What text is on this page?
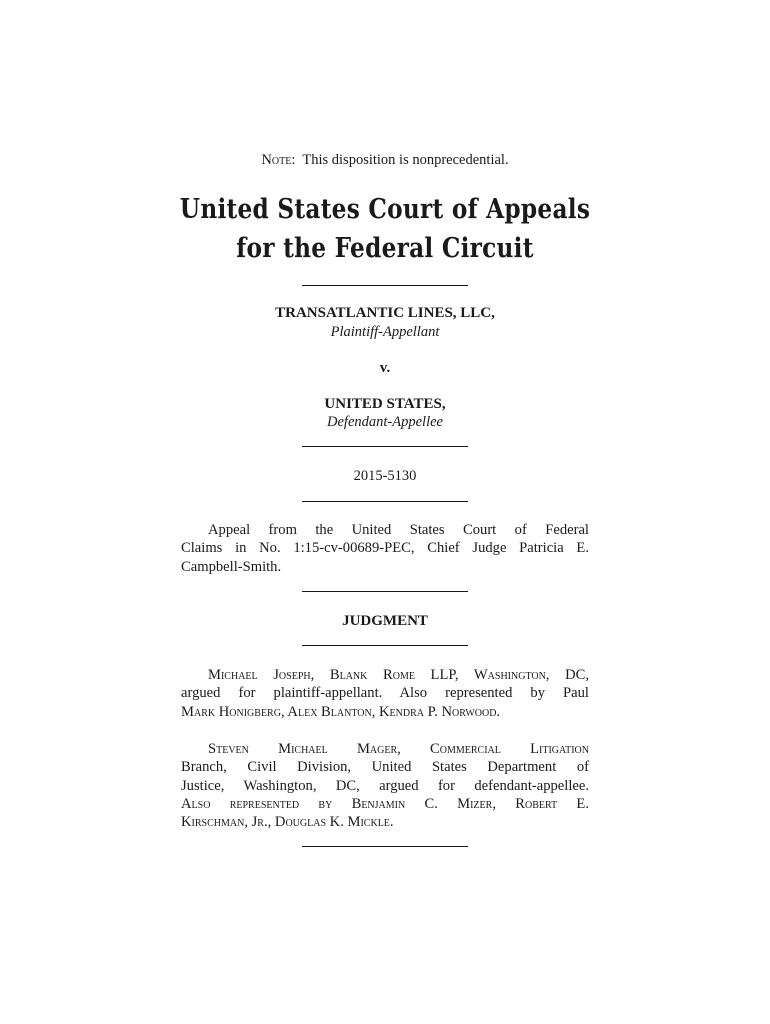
Note: This disposition is nonprecedential.
United States Court of Appeals
for the Federal Circuit
TRANSATLANTIC LINES, LLC,
Plaintiff-Appellant
v.
UNITED STATES,
Defendant-Appellee
2015-5130
Appeal from the United States Court of Federal
Claims in No. 1:15-cv-00689-PEC, Chief Judge Patricia E.
Campbell-Smith.
JUDGMENT
Michael Joseph, Blank Rome LLP, Washington, DC,
argued for plaintiff-appellant. Also represented by Paul
Mark Honigberg, Alex Blanton, Kendra P. Norwood.
Steven Michael Mager, Commercial Litigation
Branch, Civil Division, United States Department of
Justice, Washington, DC, argued for defendant-appellee.
Also represented by Benjamin C. Mizer, Robert E.
Kirschman, Jr., Douglas K. Mickle.
